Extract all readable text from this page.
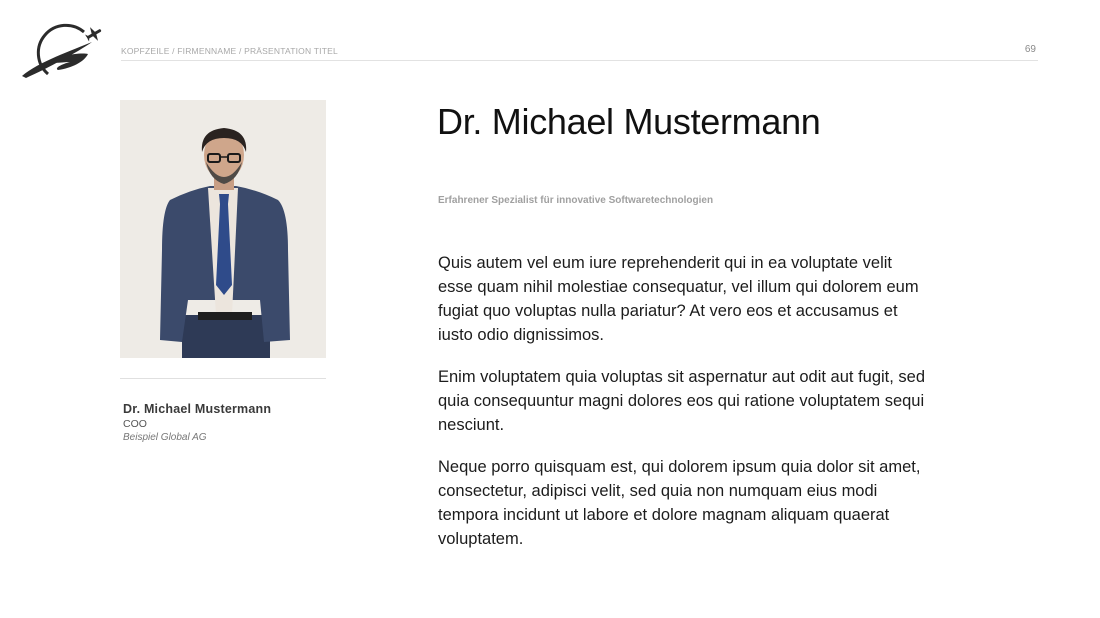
KOPFZEILE / FIRMENNAME / PRÄSENTATION TITEL	69
Dr. Michael Mustermann
COO
Beispiel Global AG
Dr. Michael Mustermann
Erfahrener Spezialist für innovative Softwaretechnologien

Quis autem vel eum iure reprehenderit qui in ea voluptate velit esse quam nihil molestiae consequatur, vel illum qui dolorem eum fugiat quo voluptas nulla pariatur? At vero eos et accusamus et iusto odio dignissimos.

Enim voluptatem quia voluptas sit aspernatur aut odit aut fugit, sed quia consequuntur magni dolores eos qui ratione voluptatem sequi nesciunt.

Neque porro quisquam est, qui dolorem ipsum quia dolor sit amet, consectetur, adipisci velit, sed quia non numquam eius modi tempora incidunt ut labore et dolore magnam aliquam quaerat voluptatem.
